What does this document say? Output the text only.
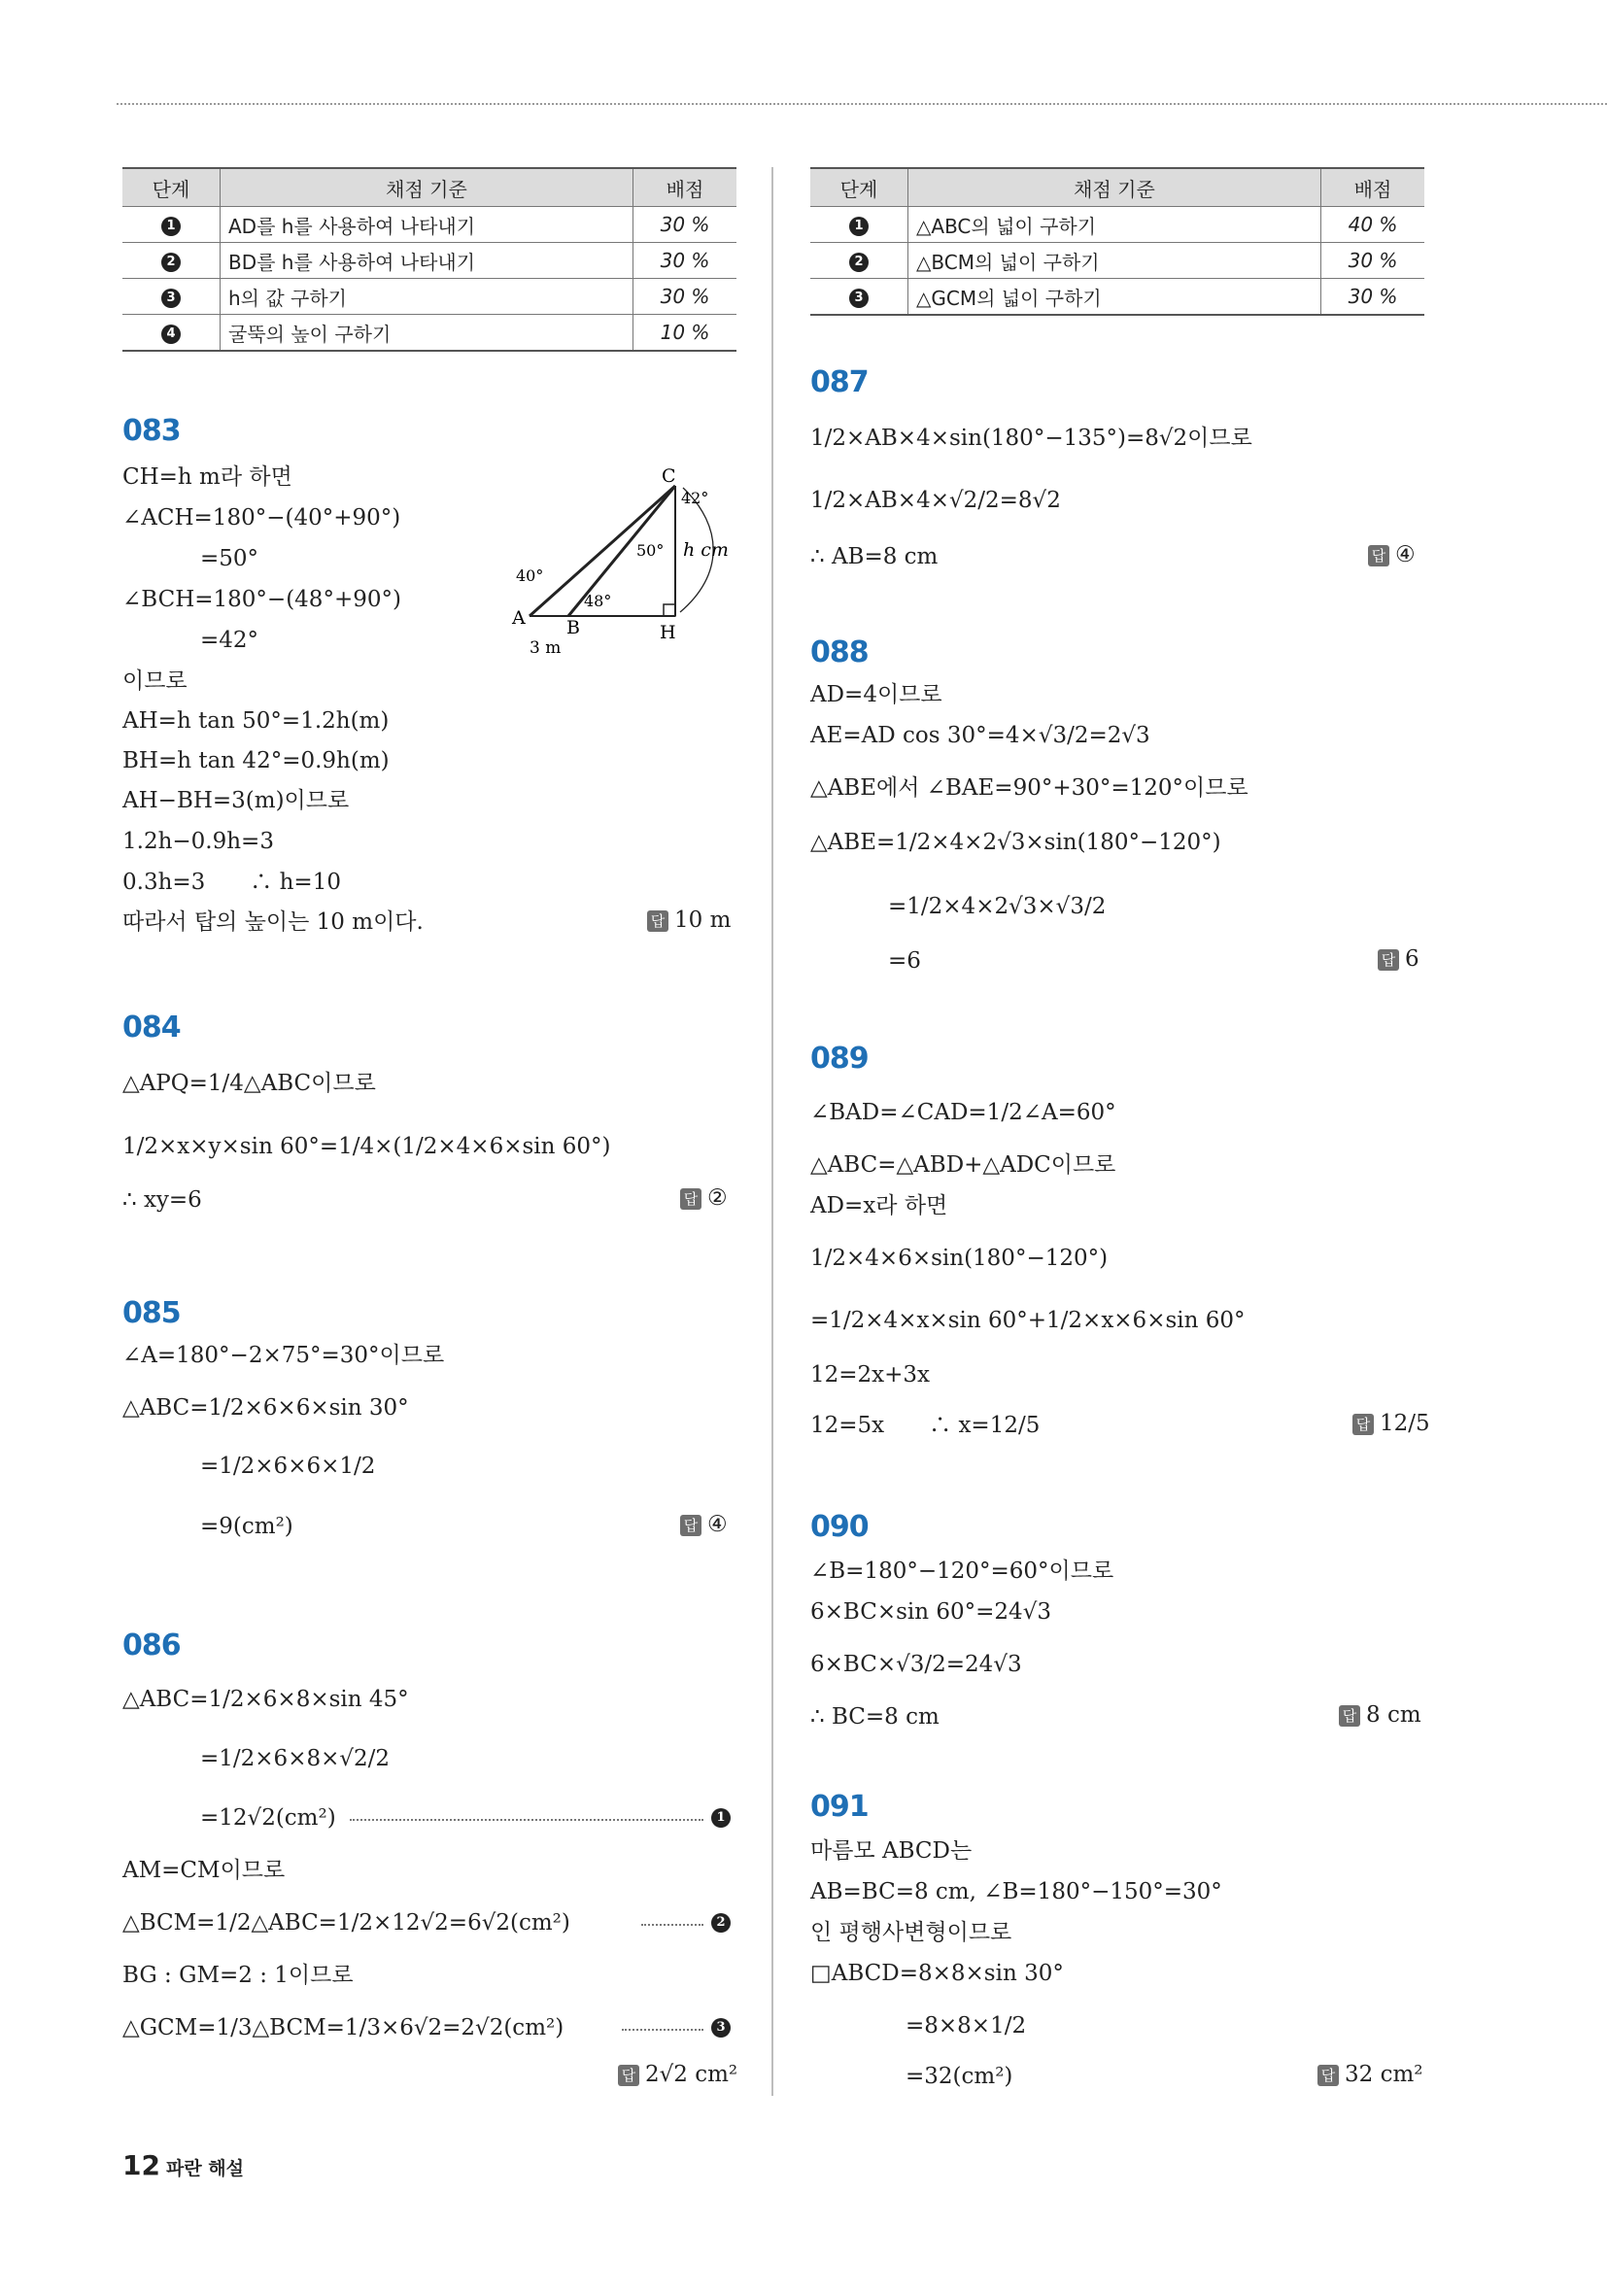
단계	채점 기준	배점
1	AD를 h를 사용하여 나타내기	30 %
2	BD를 h를 사용하여 나타내기	30 %
3	h의 값 구하기	30 %
4	굴뚝의 높이 구하기	10 %
단계	채점 기준	배점
1	△ABC의 넓이 구하기	40 %
2	△BCM의 넓이 구하기	30 %
3	△GCM의 넓이 구하기	30 %
083
CH=h m라 하면
∠ACH=180°−(40°+90°)
=50°
∠BCH=180°−(48°+90°)
=42°
이므로
AH=h tan 50°=1.2h(m)
BH=h tan 42°=0.9h(m)
AH−BH=3(m)이므로
1.2h−0.9h=3
0.3h=3　　∴ h=10
따라서 탑의 높이는 10 m이다.	답 10 m
C
A B	H
40°
48°
50°
42°
h cm
3 m
084
△APQ=1/4△ABC이므로
1/2×x×y×sin 60°=1/4×(1/2×4×6×sin 60°)
∴ xy=6	답 ②
085
∠A=180°−2×75°=30°이므로
△ABC=1/2×6×6×sin 30°
=1/2×6×6×1/2
=9(cm²)	답 ④
086
△ABC=1/2×6×8×sin 45°
=1/2×6×8×√2/2
=12√2(cm²)	1
AM=CM이므로
△BCM=1/2△ABC=1/2×12√2=6√2(cm²)	2
BG : GM=2 : 1이므로
△GCM=1/3△BCM=1/3×6√2=2√2(cm²)	3
답 2√2 cm²
087
1/2×AB×4×sin(180°−135°)=8√2이므로
1/2×AB×4×√2/2=8√2
∴ AB=8 cm	답 ④
088
AD=4이므로
AE=AD cos 30°=4×√3/2=2√3
△ABE에서 ∠BAE=90°+30°=120°이므로
△ABE=1/2×4×2√3×sin(180°−120°)
=1/2×4×2√3×√3/2
=6	답 6
089
∠BAD=∠CAD=1/2∠A=60°
△ABC=△ABD+△ADC이므로
AD=x라 하면
1/2×4×6×sin(180°−120°)
=1/2×4×x×sin 60°+1/2×x×6×sin 60°
12=2x+3x
12=5x　　∴ x=12/5	답 12/5
090
∠B=180°−120°=60°이므로
6×BC×sin 60°=24√3
6×BC×√3/2=24√3
∴ BC=8 cm	답 8 cm
091
마름모 ABCD는
AB=BC=8 cm, ∠B=180°−150°=30°
인 평행사변형이므로
□ABCD=8×8×sin 30°
=8×8×1/2
=32(cm²)	답 32 cm²
12 파란 해설
